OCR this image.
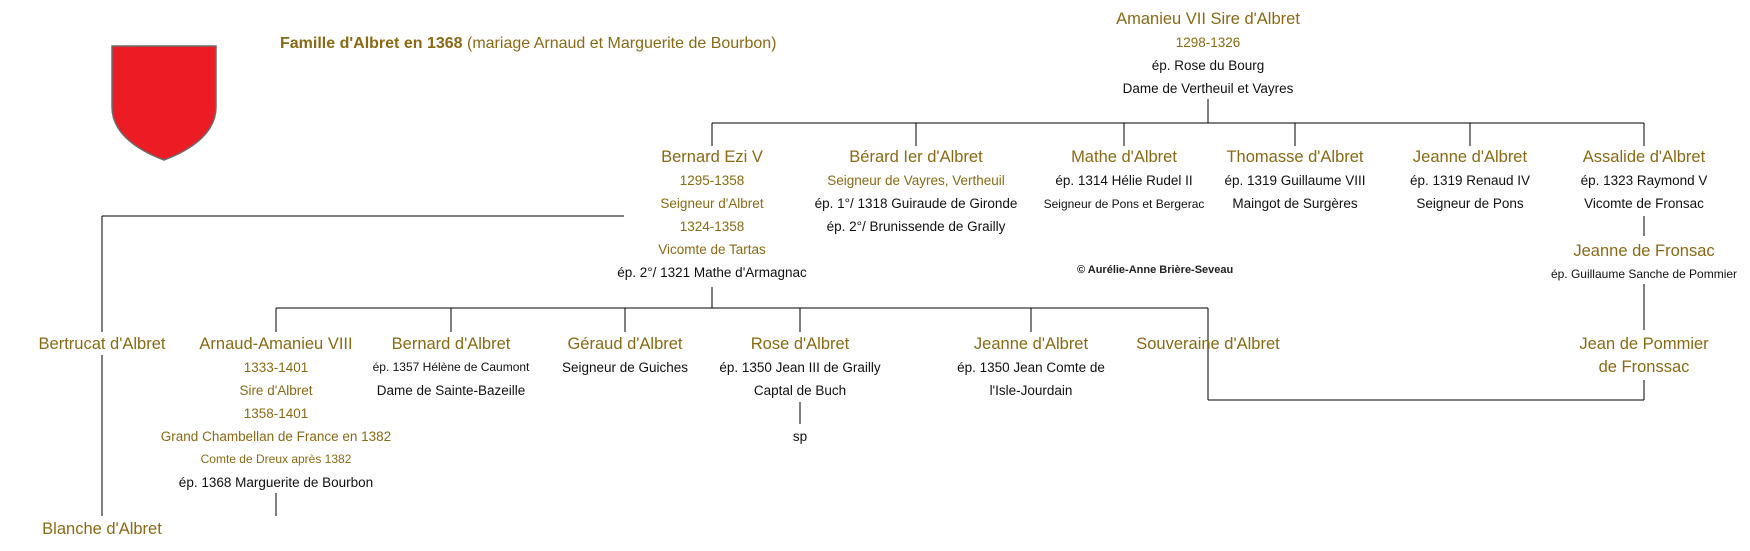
Famille d'Albret en 1368 (mariage Arnaud et Marguerite de Bourbon)
© Aurélie-Anne Brière-Seveau
Amanieu VII Sire d'Albret
1298-1326
ép. Rose du Bourg
Dame de Vertheuil et Vayres
Bernard Ezi V
1295-1358
Seigneur d'Albret
1324-1358
Vicomte de Tartas
ép. 2°/ 1321 Mathe d'Armagnac
Bérard Ier d'Albret
Seigneur de Vayres, Vertheuil
ép. 1°/ 1318 Guiraude de Gironde
ép. 2°/ Brunissende de Grailly
Mathe d'Albret
ép. 1314 Hélie Rudel II
Seigneur de Pons et Bergerac
Thomasse d'Albret
ép. 1319 Guillaume VIII
Maingot de Surgères
Jeanne d'Albret
ép. 1319 Renaud IV
Seigneur de Pons
Assalide d'Albret
ép. 1323 Raymond V
Vicomte de Fronsac
Jeanne de Fronsac
ép. Guillaume Sanche de Pommier
Jean de Pommier
de Fronssac
Bertrucat d'Albret Arnaud-Amanieu VIII
1333-1401
Sire d'Albret
1358-1401
Grand Chambellan de France en 1382
Comte de Dreux après 1382
ép. 1368 Marguerite de Bourbon
Bernard d'Albret
ép. 1357 Hélène de Caumont
Dame de Sainte-Bazeille
Géraud d'Albret
Seigneur de Guiches
Rose d'Albret
ép. 1350 Jean III de Grailly
Captal de Buch
sp
Jeanne d'Albret
ép. 1350 Jean Comte de
l'Isle-Jourdain
Souveraine d'Albret
Blanche d'Albret
